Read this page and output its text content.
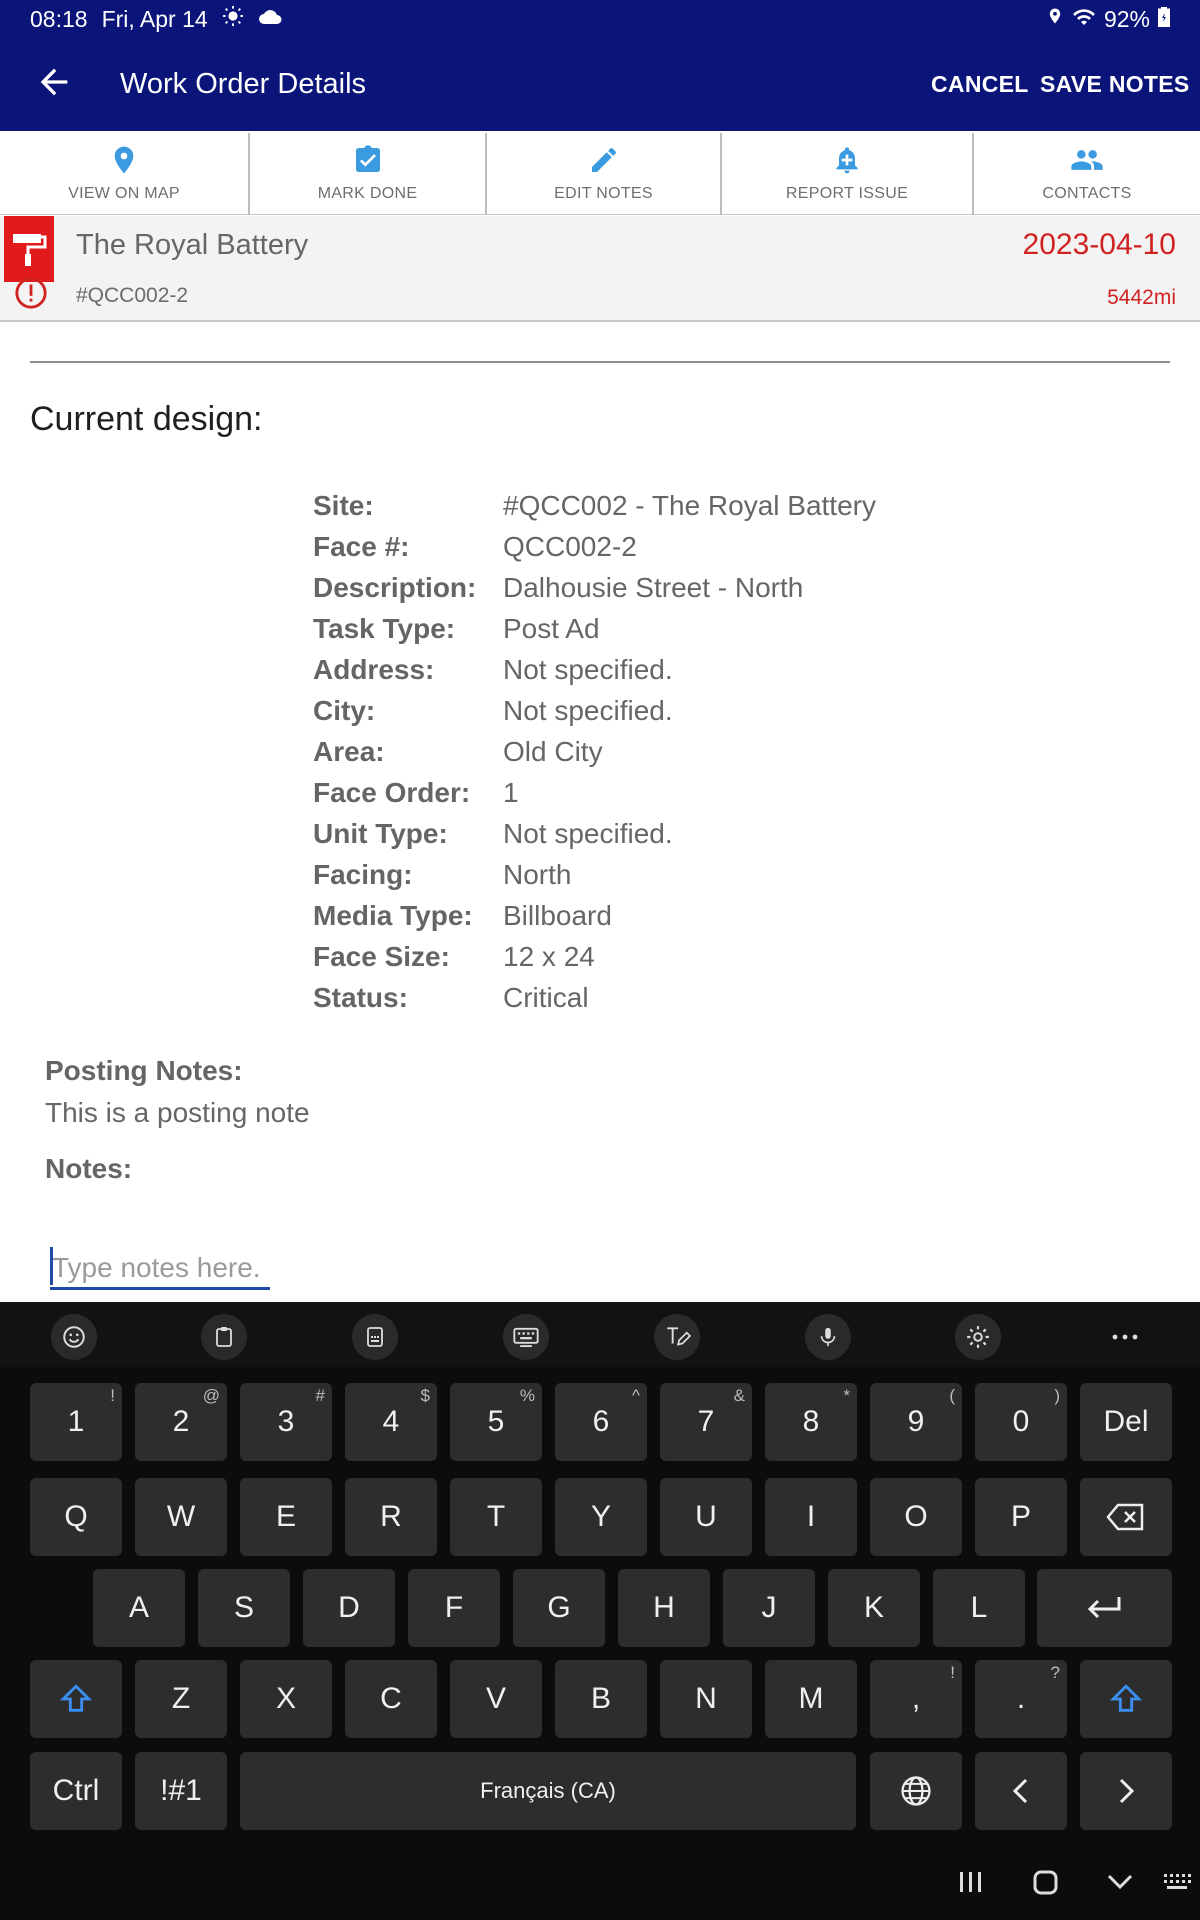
08:18 Fri, Apr 14	92%
Work Order Details	CANCEL SAVE NOTES
VIEW ON MAP	MARK DONE	EDIT NOTES	REPORT ISSUE	CONTACTS
The Royal Battery
#QCC002-2
2023-04-10
5442mi
Current design:
Site:	#QCC002 - The Royal Battery
Face #:	QCC002-2
Description: Dalhousie Street - North
Task Type:	Post Ad
Address:	Not specified.
City:	Not specified.
Area:	Old City
Face Order:	1
Unit Type:	Not specified.
Facing:	North
Media Type:	Billboard
Face Size:	12 x 24
Status:	Critical
Posting Notes:
This is a posting note
Notes:
Type notes here.
1
!
2
@
3
#
4
$
5
%
6
^
7
&
8
*
9
(
0
)
Del
Q	W	E	R	T	Y	U	I	O	P
A	S	D	F	G	H	J	K	L
Z	X	C	V	B	N	M	,
!
.
?
Ctrl !#1	Français (CA)
